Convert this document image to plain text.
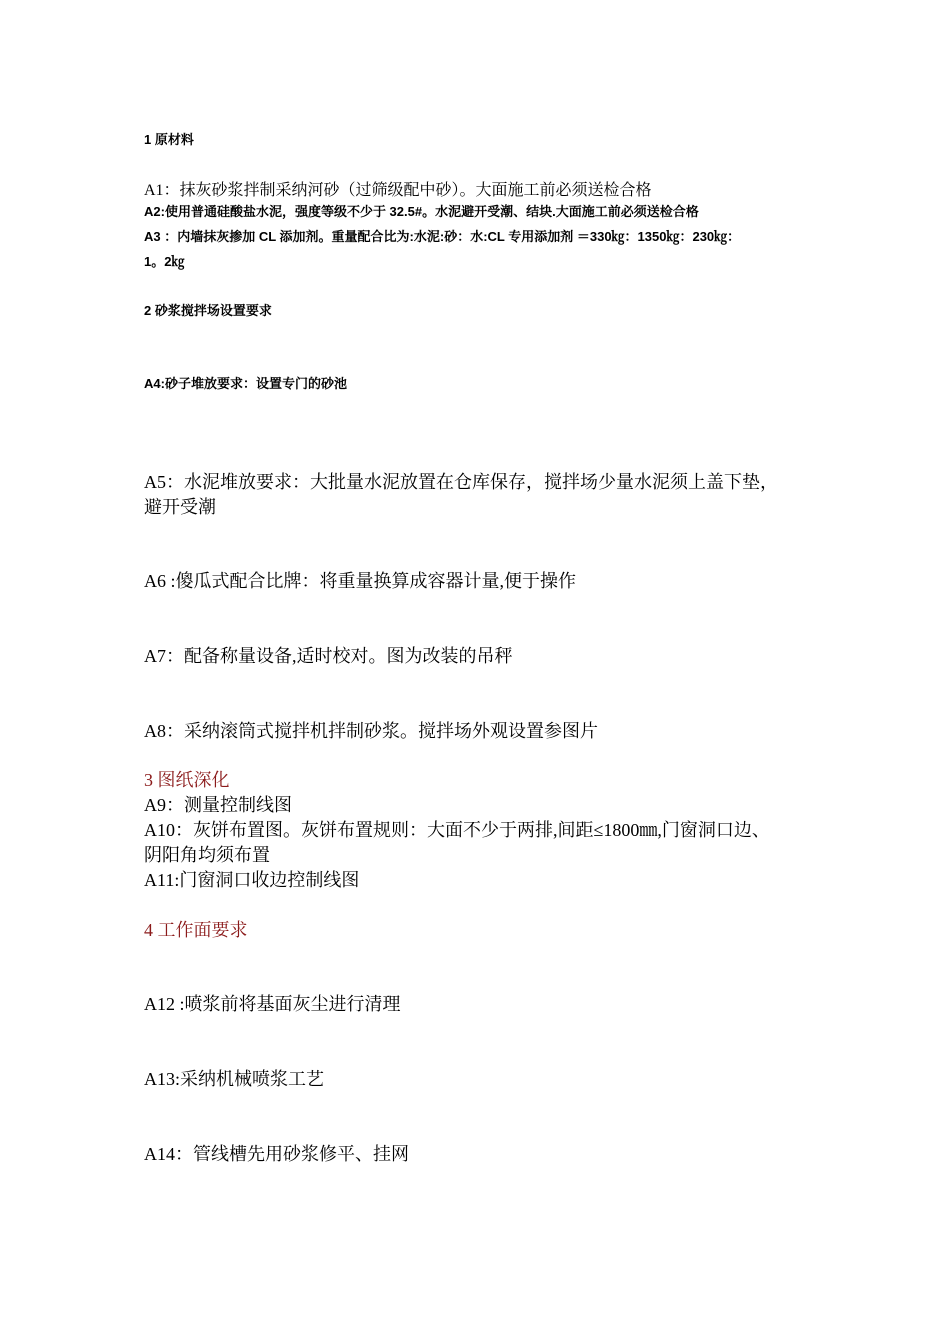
1 原材料
A1：抹灰砂浆拌制采纳河砂（过筛级配中砂）。大面施工前必须送检合格
A2:使用普通硅酸盐水泥，强度等级不少于 32.5#。水泥避开受潮、结块.大面施工前必须送检合格
A3 ：内墙抹灰掺加 CL 添加剂。重量配合比为:水泥:砂：水:CL 专用添加剂 ＝330㎏：1350㎏：230㎏：
1。2㎏
2 砂浆搅拌场设置要求
A4:砂子堆放要求：设置专门的砂池
A5：水泥堆放要求：大批量水泥放置在仓库保存，搅拌场少量水泥须上盖下垫，
避开受潮
A6 :傻瓜式配合比牌：将重量换算成容器计量,便于操作
A7：配备称量设备,适时校对。图为改装的吊秤
A8：采纳滚筒式搅拌机拌制砂浆。搅拌场外观设置参图片
3 图纸深化
A9：测量控制线图
A10：灰饼布置图。灰饼布置规则：大面不少于两排,间距≤1800㎜,门窗洞口边、
阴阳角均须布置
A11:门窗洞口收边控制线图
4 工作面要求
A12 :喷浆前将基面灰尘进行清理
A13:采纳机械喷浆工艺
A14：管线槽先用砂浆修平、挂网
